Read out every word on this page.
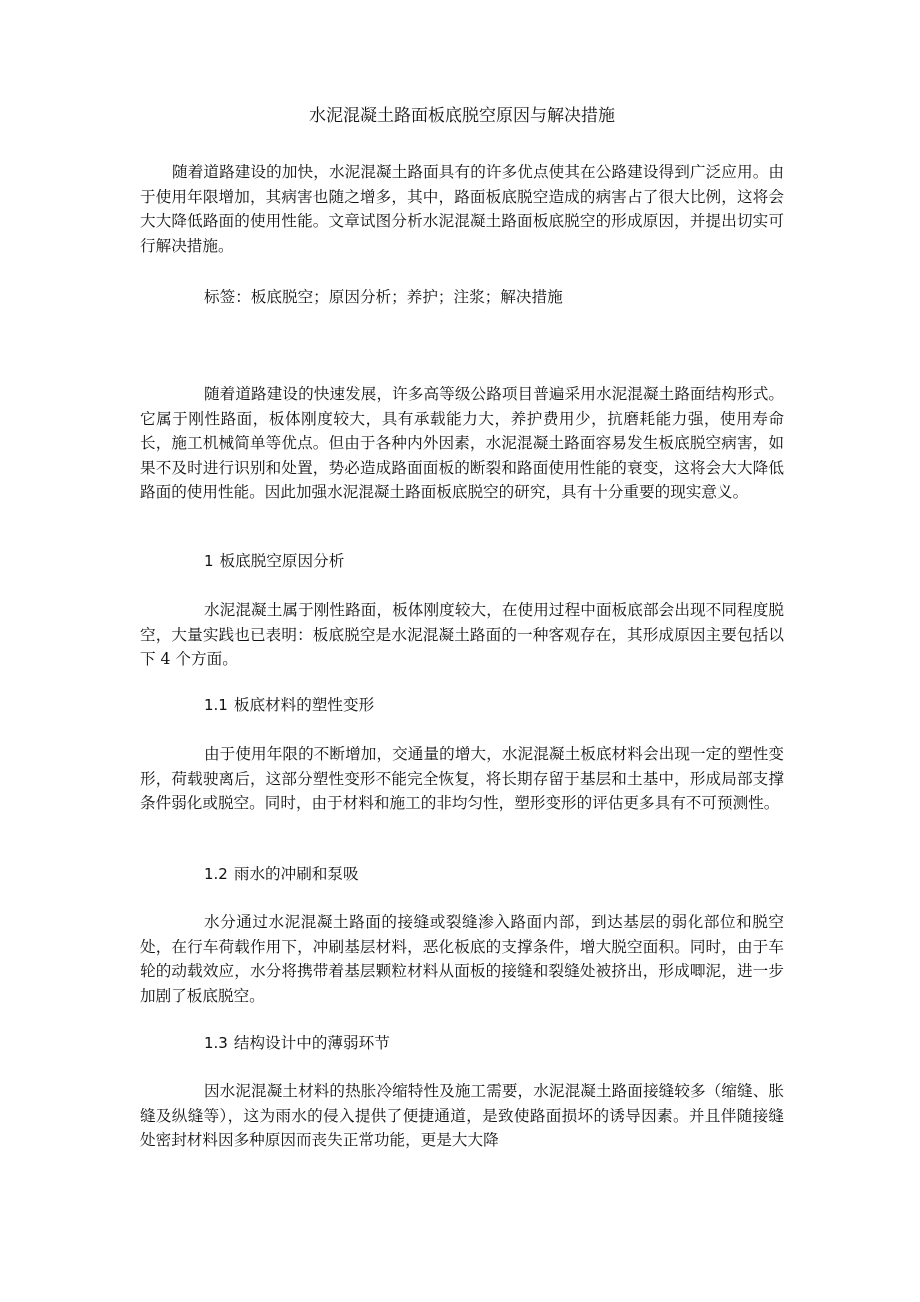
水泥混凝土路面板底脱空原因与解决措施

随着道路建设的加快，水泥混凝土路面具有的许多优点使其在公路建设得到广泛应用。由于使用年限增加，其病害也随之增多，其中，路面板底脱空造成的病害占了很大比例，这将会大大降低路面的使用性能。文章试图分析水泥混凝土路面板底脱空的形成原因，并提出切实可行解决措施。

标签：板底脱空；原因分析；养护；注浆；解决措施

随着道路建设的快速发展，许多高等级公路项目普遍采用水泥混凝土路面结构形式。它属于刚性路面，板体刚度较大，具有承载能力大，养护费用少，抗磨耗能力强，使用寿命长，施工机械简单等优点。但由于各种内外因素，水泥混凝土路面容易发生板底脱空病害，如果不及时进行识别和处置，势必造成路面面板的断裂和路面使用性能的衰变，这将会大大降低路面的使用性能。因此加强水泥混凝土路面板底脱空的研究，具有十分重要的现实意义。

1 板底脱空原因分析

水泥混凝土属于刚性路面，板体刚度较大，在使用过程中面板底部会出现不同程度脱空，大量实践也已表明：板底脱空是水泥混凝土路面的一种客观存在，其形成原因主要包括以下 4 个方面。

1.1 板底材料的塑性变形

由于使用年限的不断增加，交通量的增大，水泥混凝土板底材料会出现一定的塑性变形，荷载驶离后，这部分塑性变形不能完全恢复，将长期存留于基层和土基中，形成局部支撑条件弱化或脱空。同时，由于材料和施工的非均匀性，塑形变形的评估更多具有不可预测性。

1.2 雨水的冲刷和泵吸

水分通过水泥混凝土路面的接缝或裂缝渗入路面内部，到达基层的弱化部位和脱空处，在行车荷载作用下，冲刷基层材料，恶化板底的支撑条件，增大脱空面积。同时，由于车轮的动载效应，水分将携带着基层颗粒材料从面板的接缝和裂缝处被挤出，形成唧泥，进一步加剧了板底脱空。

1.3 结构设计中的薄弱环节

因水泥混凝土材料的热胀冷缩特性及施工需要，水泥混凝土路面接缝较多（缩缝、胀缝及纵缝等），这为雨水的侵入提供了便捷通道，是致使路面损坏的诱导因素。并且伴随接缝处密封材料因多种原因而丧失正常功能，更是大大降
